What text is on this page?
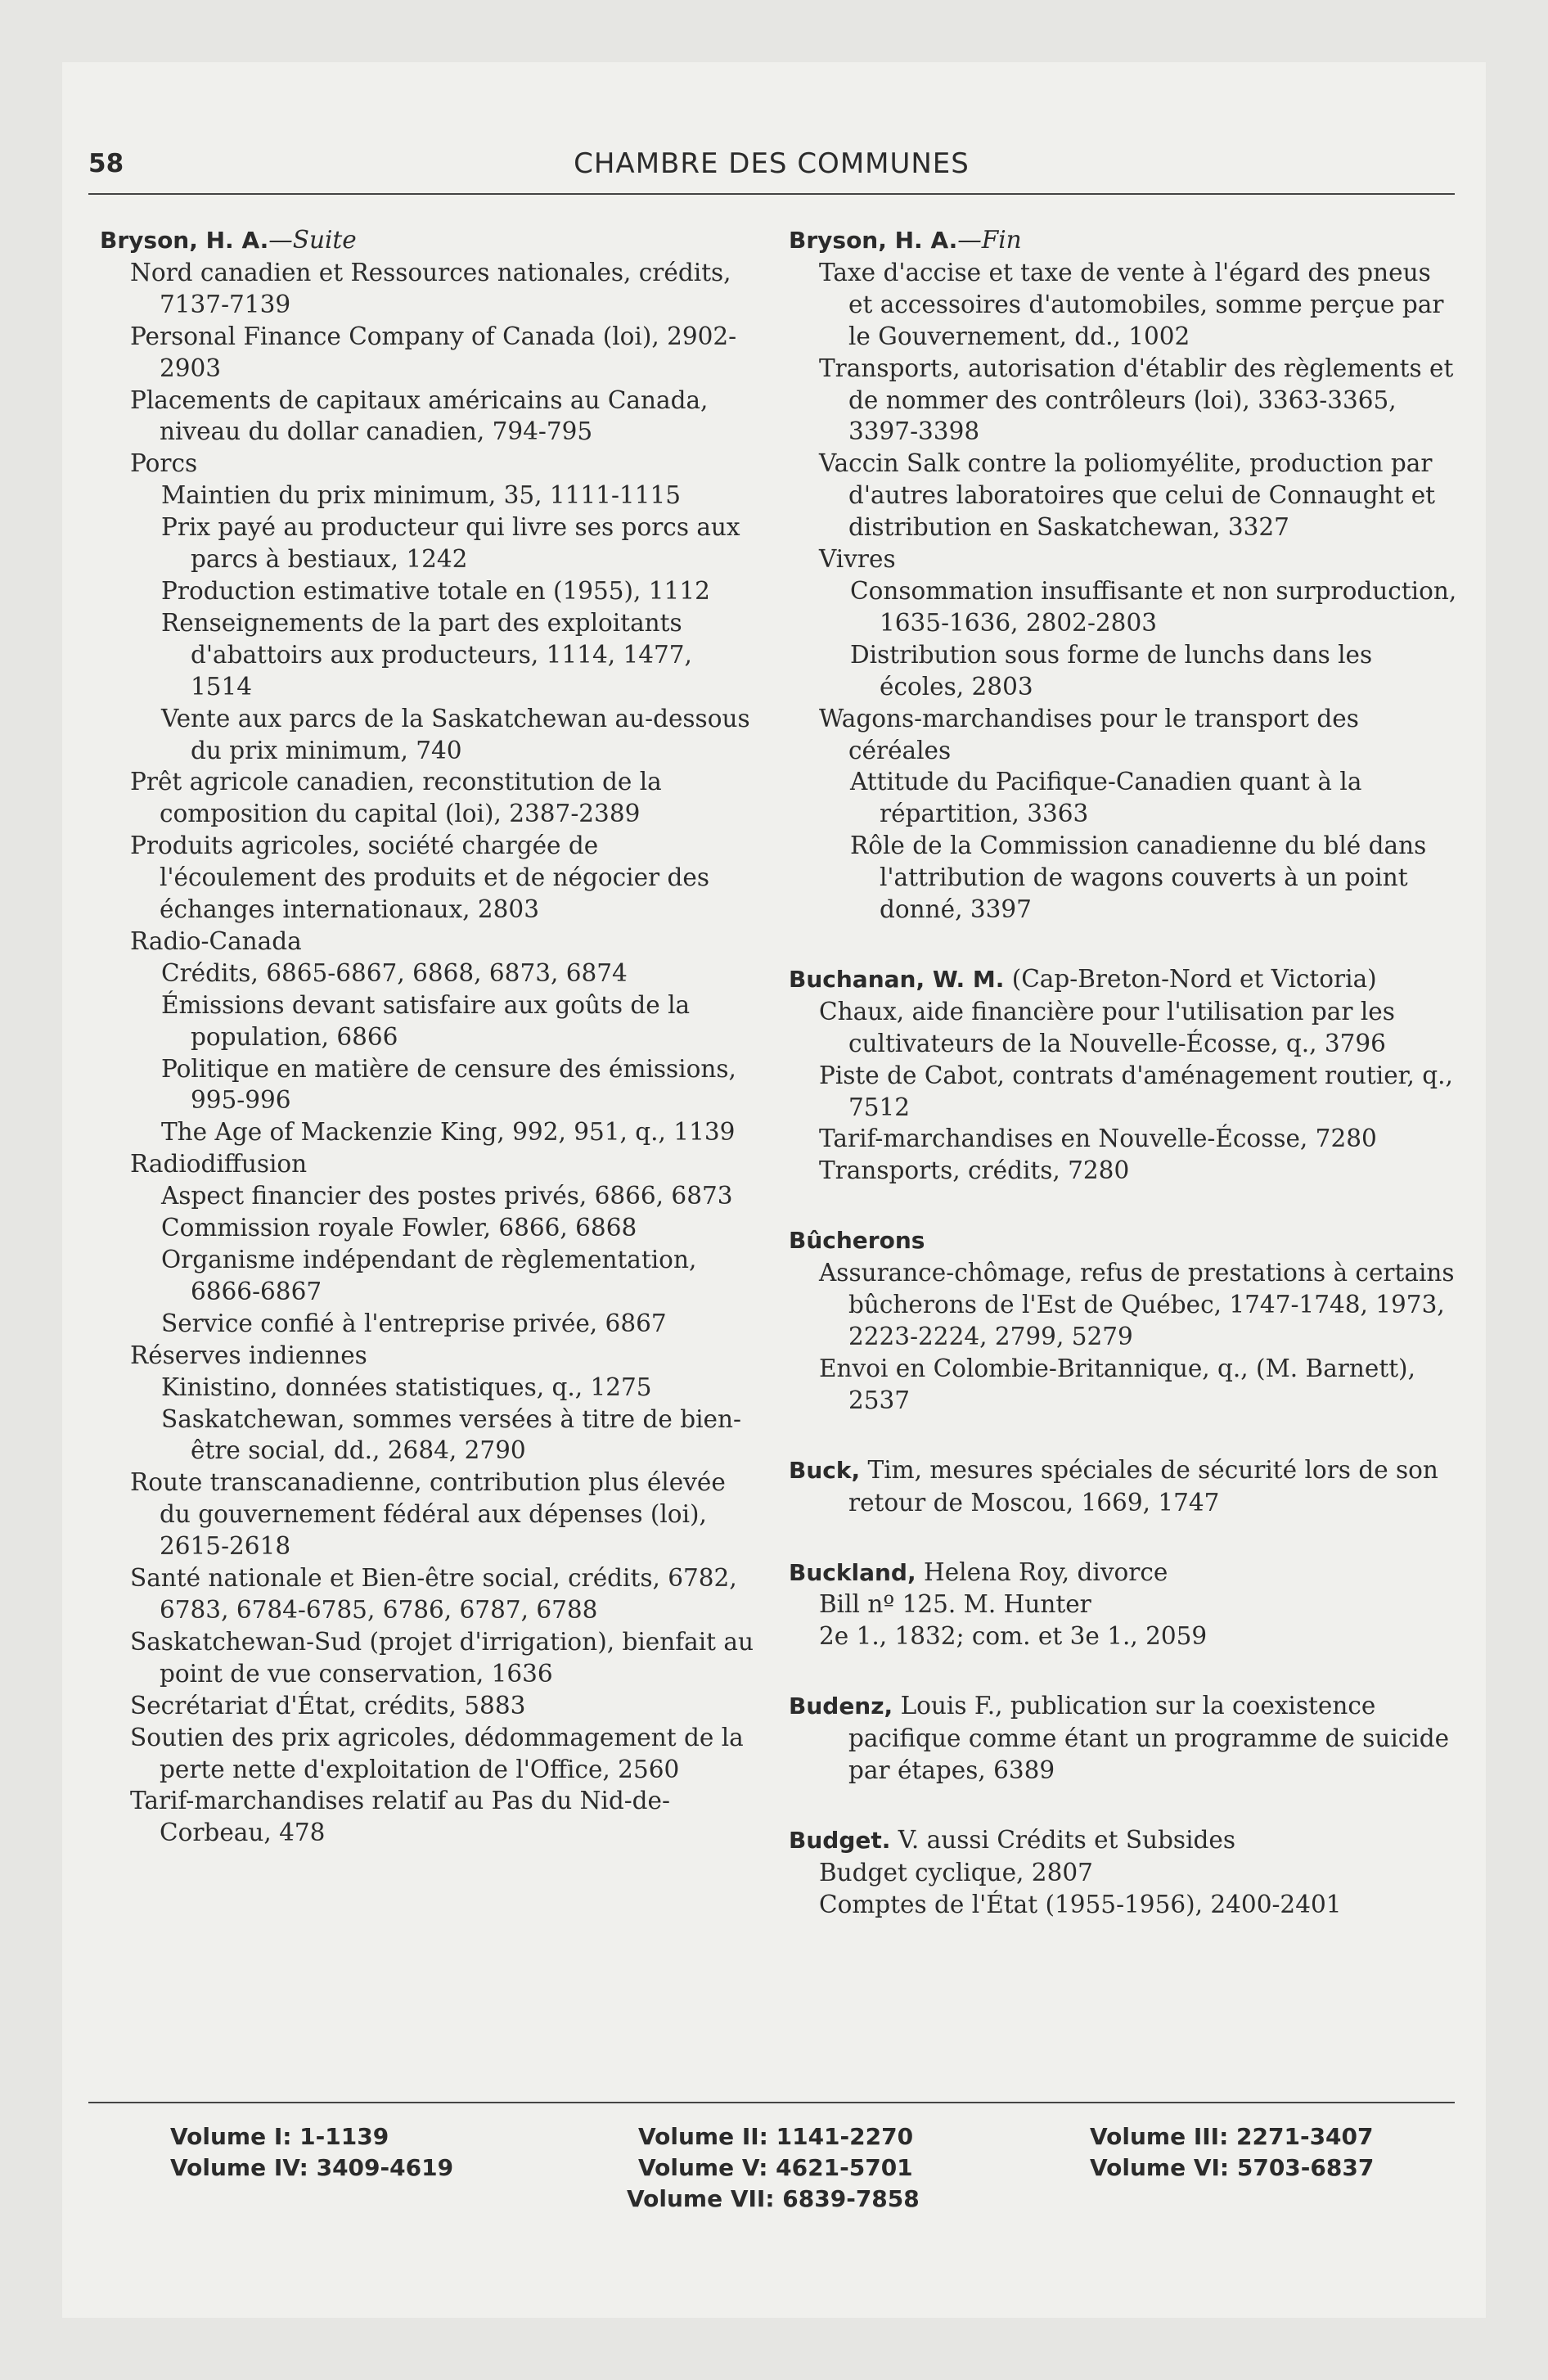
58	CHAMBRE DES COMMUNES
Bryson, H. A.—Suite
Nord canadien et Ressources nationales, crédits, 7137-7139
Personal Finance Company of Canada (loi), 2902-2903
Placements de capitaux américains au Canada, niveau du dollar canadien, 794-795
Porcs
Maintien du prix minimum, 35, 1111-1115
Prix payé au producteur qui livre ses porcs aux parcs à bestiaux, 1242
Production estimative totale en (1955), 1112
Renseignements de la part des exploitants d'abattoirs aux producteurs, 1114, 1477, 1514
Vente aux parcs de la Saskatchewan au-dessous du prix minimum, 740
Prêt agricole canadien, reconstitution de la composition du capital (loi), 2387-2389
Produits agricoles, société chargée de l'écoulement des produits et de négocier des échanges internationaux, 2803
Radio-Canada
Crédits, 6865-6867, 6868, 6873, 6874
Émissions devant satisfaire aux goûts de la population, 6866
Politique en matière de censure des émissions, 995-996
The Age of Mackenzie King, 992, 951, q., 1139
Radiodiffusion
Aspect financier des postes privés, 6866, 6873
Commission royale Fowler, 6866, 6868
Organisme indépendant de règlementation, 6866-6867
Service confié à l'entreprise privée, 6867
Réserves indiennes
Kinistino, données statistiques, q., 1275
Saskatchewan, sommes versées à titre de bien-être social, dd., 2684, 2790
Route transcanadienne, contribution plus élevée du gouvernement fédéral aux dépenses (loi), 2615-2618
Santé nationale et Bien-être social, crédits, 6782, 6783, 6784-6785, 6786, 6787, 6788
Saskatchewan-Sud (projet d'irrigation), bienfait au point de vue conservation, 1636
Secrétariat d'État, crédits, 5883
Soutien des prix agricoles, dédommagement de la perte nette d'exploitation de l'Office, 2560
Tarif-marchandises relatif au Pas du Nid-de-Corbeau, 478
Bryson, H. A.—Fin
Taxe d'accise et taxe de vente à l'égard des pneus et accessoires d'automobiles, somme perçue par le Gouvernement, dd., 1002
Transports, autorisation d'établir des règlements et de nommer des contrôleurs (loi), 3363-3365, 3397-3398
Vaccin Salk contre la poliomyélite, production par d'autres laboratoires que celui de Connaught et distribution en Saskatchewan, 3327
Vivres
Consommation insuffisante et non surproduction, 1635-1636, 2802-2803
Distribution sous forme de lunchs dans les écoles, 2803
Wagons-marchandises pour le transport des céréales
Attitude du Pacifique-Canadien quant à la répartition, 3363
Rôle de la Commission canadienne du blé dans l'attribution de wagons couverts à un point donné, 3397
Buchanan, W. M. (Cap-Breton-Nord et Victoria)
Chaux, aide financière pour l'utilisation par les cultivateurs de la Nouvelle-Écosse, q., 3796
Piste de Cabot, contrats d'aménagement routier, q., 7512
Tarif-marchandises en Nouvelle-Écosse, 7280
Transports, crédits, 7280
Bûcherons
Assurance-chômage, refus de prestations à certains bûcherons de l'Est de Québec, 1747-1748, 1973, 2223-2224, 2799, 5279
Envoi en Colombie-Britannique, q., (M. Barnett), 2537
Buck, Tim, mesures spéciales de sécurité lors de son retour de Moscou, 1669, 1747
Buckland, Helena Roy, divorce
Bill nº 125. M. Hunter
2e 1., 1832; com. et 3e 1., 2059
Budenz, Louis F., publication sur la coexistence pacifique comme étant un programme de suicide par étapes, 6389
Budget. V. aussi Crédits et Subsides
Budget cyclique, 2807
Comptes de l'État (1955-1956), 2400-2401
Volume I: 1-1139
Volume IV: 3409-4619
Volume II: 1141-2270
Volume V: 4621-5701
Volume III: 2271-3407
Volume VI: 5703-6837
Volume VII: 6839-7858
